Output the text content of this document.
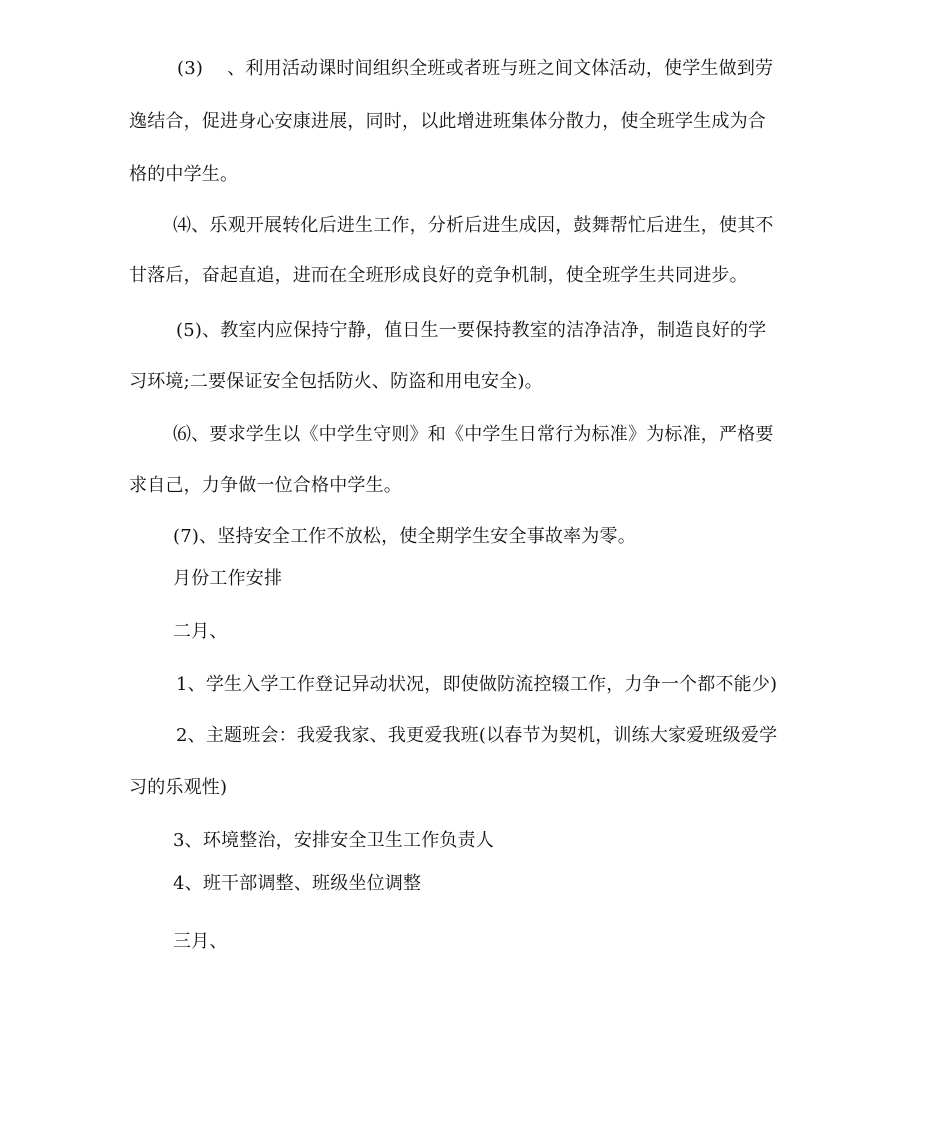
(3)　 、利用活动课时间组织全班或者班与班之间文体活动，使学生做到劳
逸结合，促进身心安康进展，同时，以此增进班集体分散力，使全班学生成为合
格的中学生。
⑷、乐观开展转化后进生工作，分析后进生成因，鼓舞帮忙后进生，使其不
甘落后，奋起直追，进而在全班形成良好的竞争机制，使全班学生共同进步。
(5)、教室内应保持宁静，值日生一要保持教室的洁净洁净，制造良好的学
习环境;二要保证安全包括防火、防盗和用电安全)。
⑹、要求学生以《中学生守则》和《中学生日常行为标准》为标准，严格要
求自己，力争做一位合格中学生。
(7)、坚持安全工作不放松，使全期学生安全事故率为零。
月份工作安排
二月、
1、学生入学工作登记异动状况，即使做防流控辍工作，力争一个都不能少)
2、主题班会：我爱我家、我更爱我班(以春节为契机，训练大家爱班级爱学
习的乐观性)
3、环境整治，安排安全卫生工作负责人
4、班干部调整、班级坐位调整
三月、
